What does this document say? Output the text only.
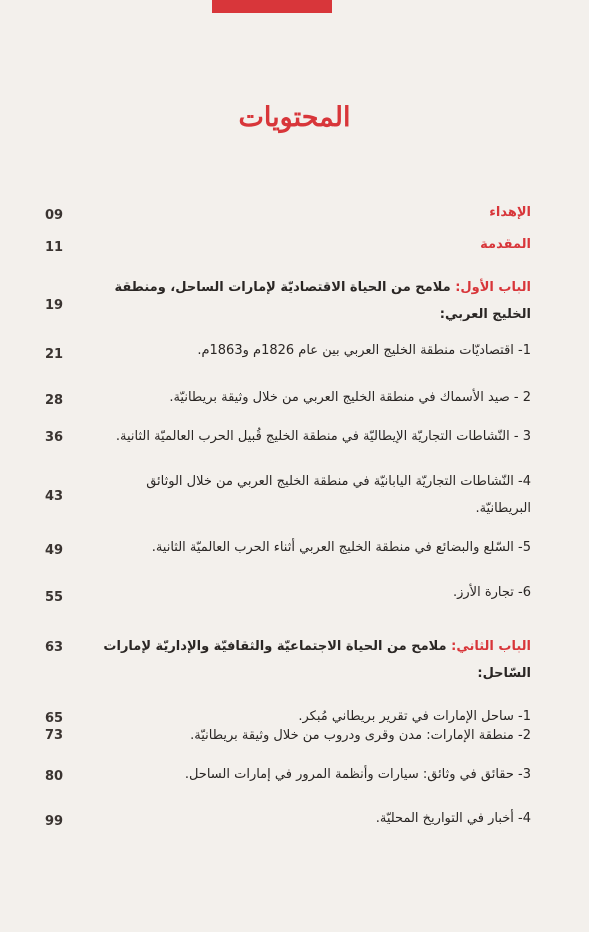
المحتويات
الإهداء
09
المقدمة
11
الباب الأول: ملامح من الحياة الاقتصاديّة لإمارات الساحل، ومنطقة الخليج العربي:
19
1- اقتصاديّات منطقة الخليج العربي بين عام 1826م و1863م.
21
2 - صيد الأسماك في منطقة الخليج العربي من خلال وثيقة بريطانيّة.
28
3 - النّشاطات التجاريّة الإيطاليّة في منطقة الخليج قُبيل الحرب العالميّة الثانية.
36
4- النّشاطات التجاريّة اليابانيّة في منطقة الخليج العربي من خلال الوثائق البريطانيّة.
43
5- السّلع والبضائع في منطقة الخليج العربي أثناء الحرب العالميّة الثانية.
49
6- تجارة الأرز.
55
الباب الثاني: ملامح من الحياة الاجتماعيّة والثقافيّة والإداريّة لإمارات السّاحل:
63
1- ساحل الإمارات في تقرير بريطاني مُبكر.
65
2- منطقة الإمارات: مدن وقرى ودروب من خلال وثيقة بريطانيّة.
73
3- حقائق في وثائق: سيارات وأنظمة المرور في إمارات الساحل.
80
4- أخبار في التواريخ المحليّة.
99
